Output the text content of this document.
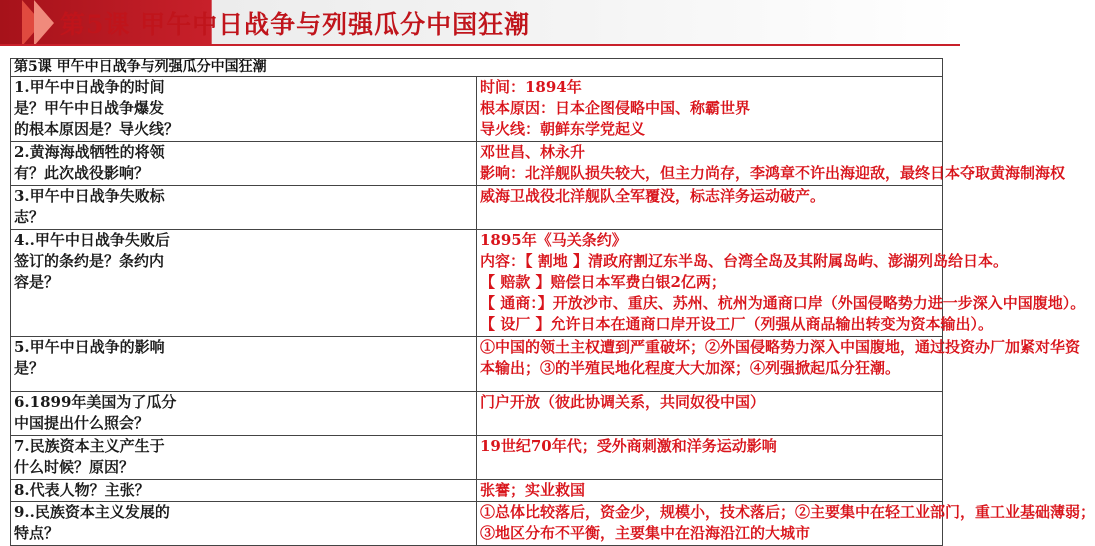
第5课 甲午中日战争与列强瓜分中国狂潮
第5课 甲午中日战争与列强瓜分中国狂潮	

1.甲午中日战争的时间
是？甲午中日战争爆发
的根本原因是？导火线？	时间：1894年
根本原因：日本企图侵略中国、称霸世界
导火线：朝鲜东学党起义

2.黄海海战牺牲的将领
有？此次战役影响？	邓世昌、林永升
影响：北洋舰队损失较大，但主力尚存，李鸿章不许出海迎敌，最终日本夺取黄海制海权

3.甲午中日战争失败标
志？	威海卫战役北洋舰队全军覆没，标志洋务运动破产。

4..甲午中日战争失败后
签订的条约是？条约内
容是？	1895年《马关条约》
内容：【 割地 】清政府割辽东半岛、台湾全岛及其附属岛屿、澎湖列岛给日本。
【 赔款 】赔偿日本军费白银2亿两；
【 通商：】开放沙市、重庆、苏州、杭州为通商口岸（外国侵略势力进一步深入中国腹地）。
【 设厂 】允许日本在通商口岸开设工厂（列强从商品输出转变为资本输出）。

5.甲午中日战争的影响
是？	①中国的领土主权遭到严重破坏；②外国侵略势力深入中国腹地，通过投资办厂加紧对华资
本输出；③的半殖民地化程度大大加深；④列强掀起瓜分狂潮。

6.1899年美国为了瓜分
中国提出什么照会？	门户开放（彼此协调关系，共同奴役中国）

7.民族资本主义产生于
什么时候？原因？	19世纪70年代；受外商刺激和洋务运动影响

8.代表人物？主张？	张謇；实业救国

9..民族资本主义发展的
特点？	①总体比较落后，资金少，规模小，技术落后；②主要集中在轻工业部门，重工业基础薄弱；
③地区分布不平衡，主要集中在沿海沿江的大城市
